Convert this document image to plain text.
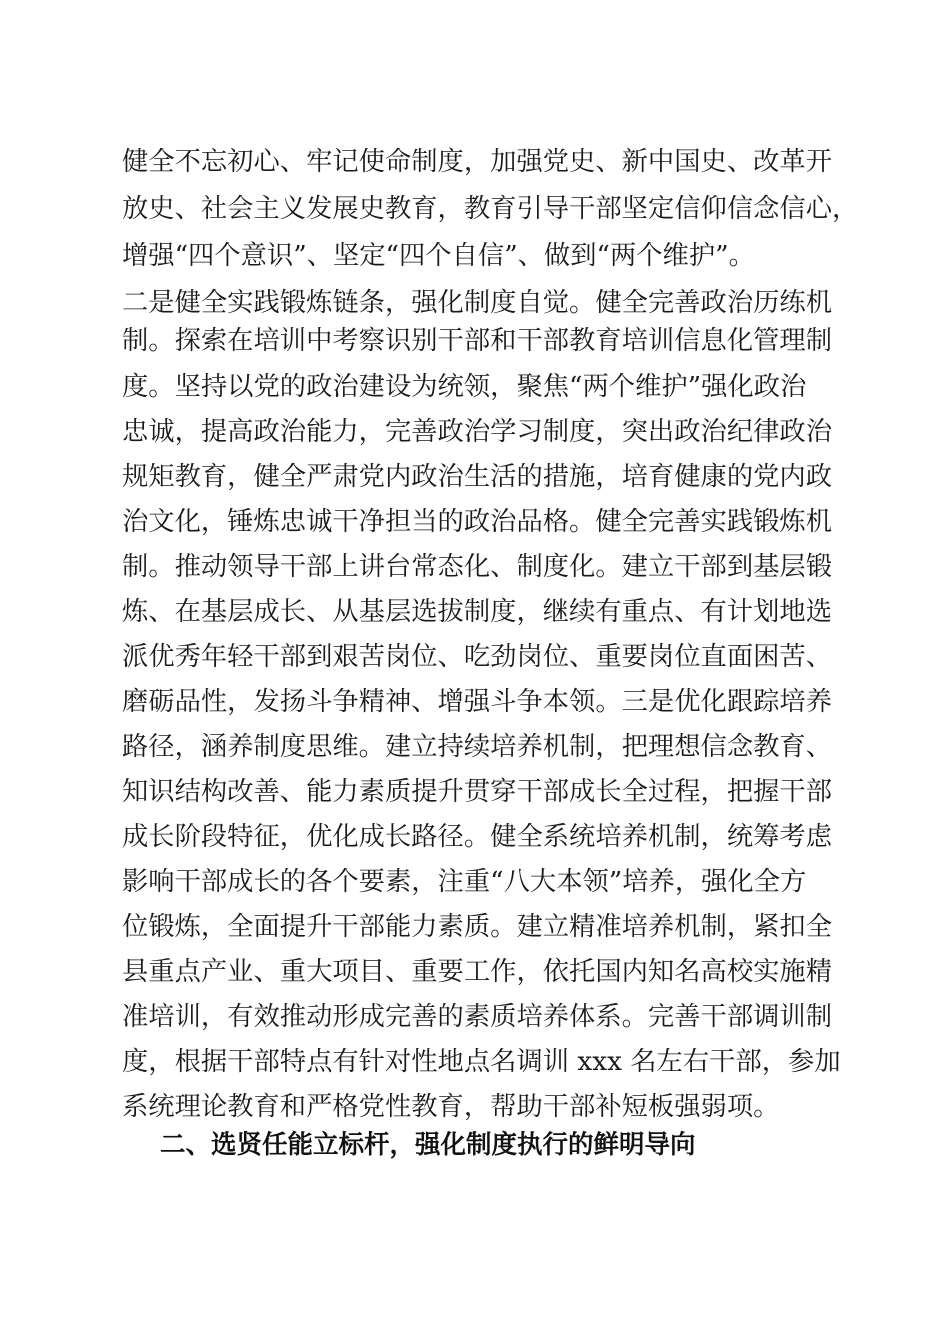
健全不忘初心、牢记使命制度，加强党史、新中国史、改革开
放史、社会主义发展史教育，教育引导干部坚定信仰信念信心，
增强“四个意识”、坚定“四个自信”、做到“两个维护”。
二是健全实践锻炼链条，强化制度自觉。健全完善政治历练机
制。探索在培训中考察识别干部和干部教育培训信息化管理制
度。坚持以党的政治建设为统领，聚焦“两个维护”强化政治
忠诚，提高政治能力，完善政治学习制度，突出政治纪律政治
规矩教育，健全严肃党内政治生活的措施，培育健康的党内政
治文化，锤炼忠诚干净担当的政治品格。健全完善实践锻炼机
制。推动领导干部上讲台常态化、制度化。建立干部到基层锻
炼、在基层成长、从基层选拔制度，继续有重点、有计划地选
派优秀年轻干部到艰苦岗位、吃劲岗位、重要岗位直面困苦、
磨砺品性，发扬斗争精神、增强斗争本领。三是优化跟踪培养
路径，涵养制度思维。建立持续培养机制，把理想信念教育、
知识结构改善、能力素质提升贯穿干部成长全过程，把握干部
成长阶段特征，优化成长路径。健全系统培养机制，统筹考虑
影响干部成长的各个要素，注重“八大本领”培养，强化全方
位锻炼，全面提升干部能力素质。建立精准培养机制，紧扣全
县重点产业、重大项目、重要工作，依托国内知名高校实施精
准培训，有效推动形成完善的素质培养体系。完善干部调训制
度，根据干部特点有针对性地点名调训 xxx 名左右干部，参加
系统理论教育和严格党性教育，帮助干部补短板强弱项。
二、选贤任能立标杆，强化制度执行的鲜明导向
